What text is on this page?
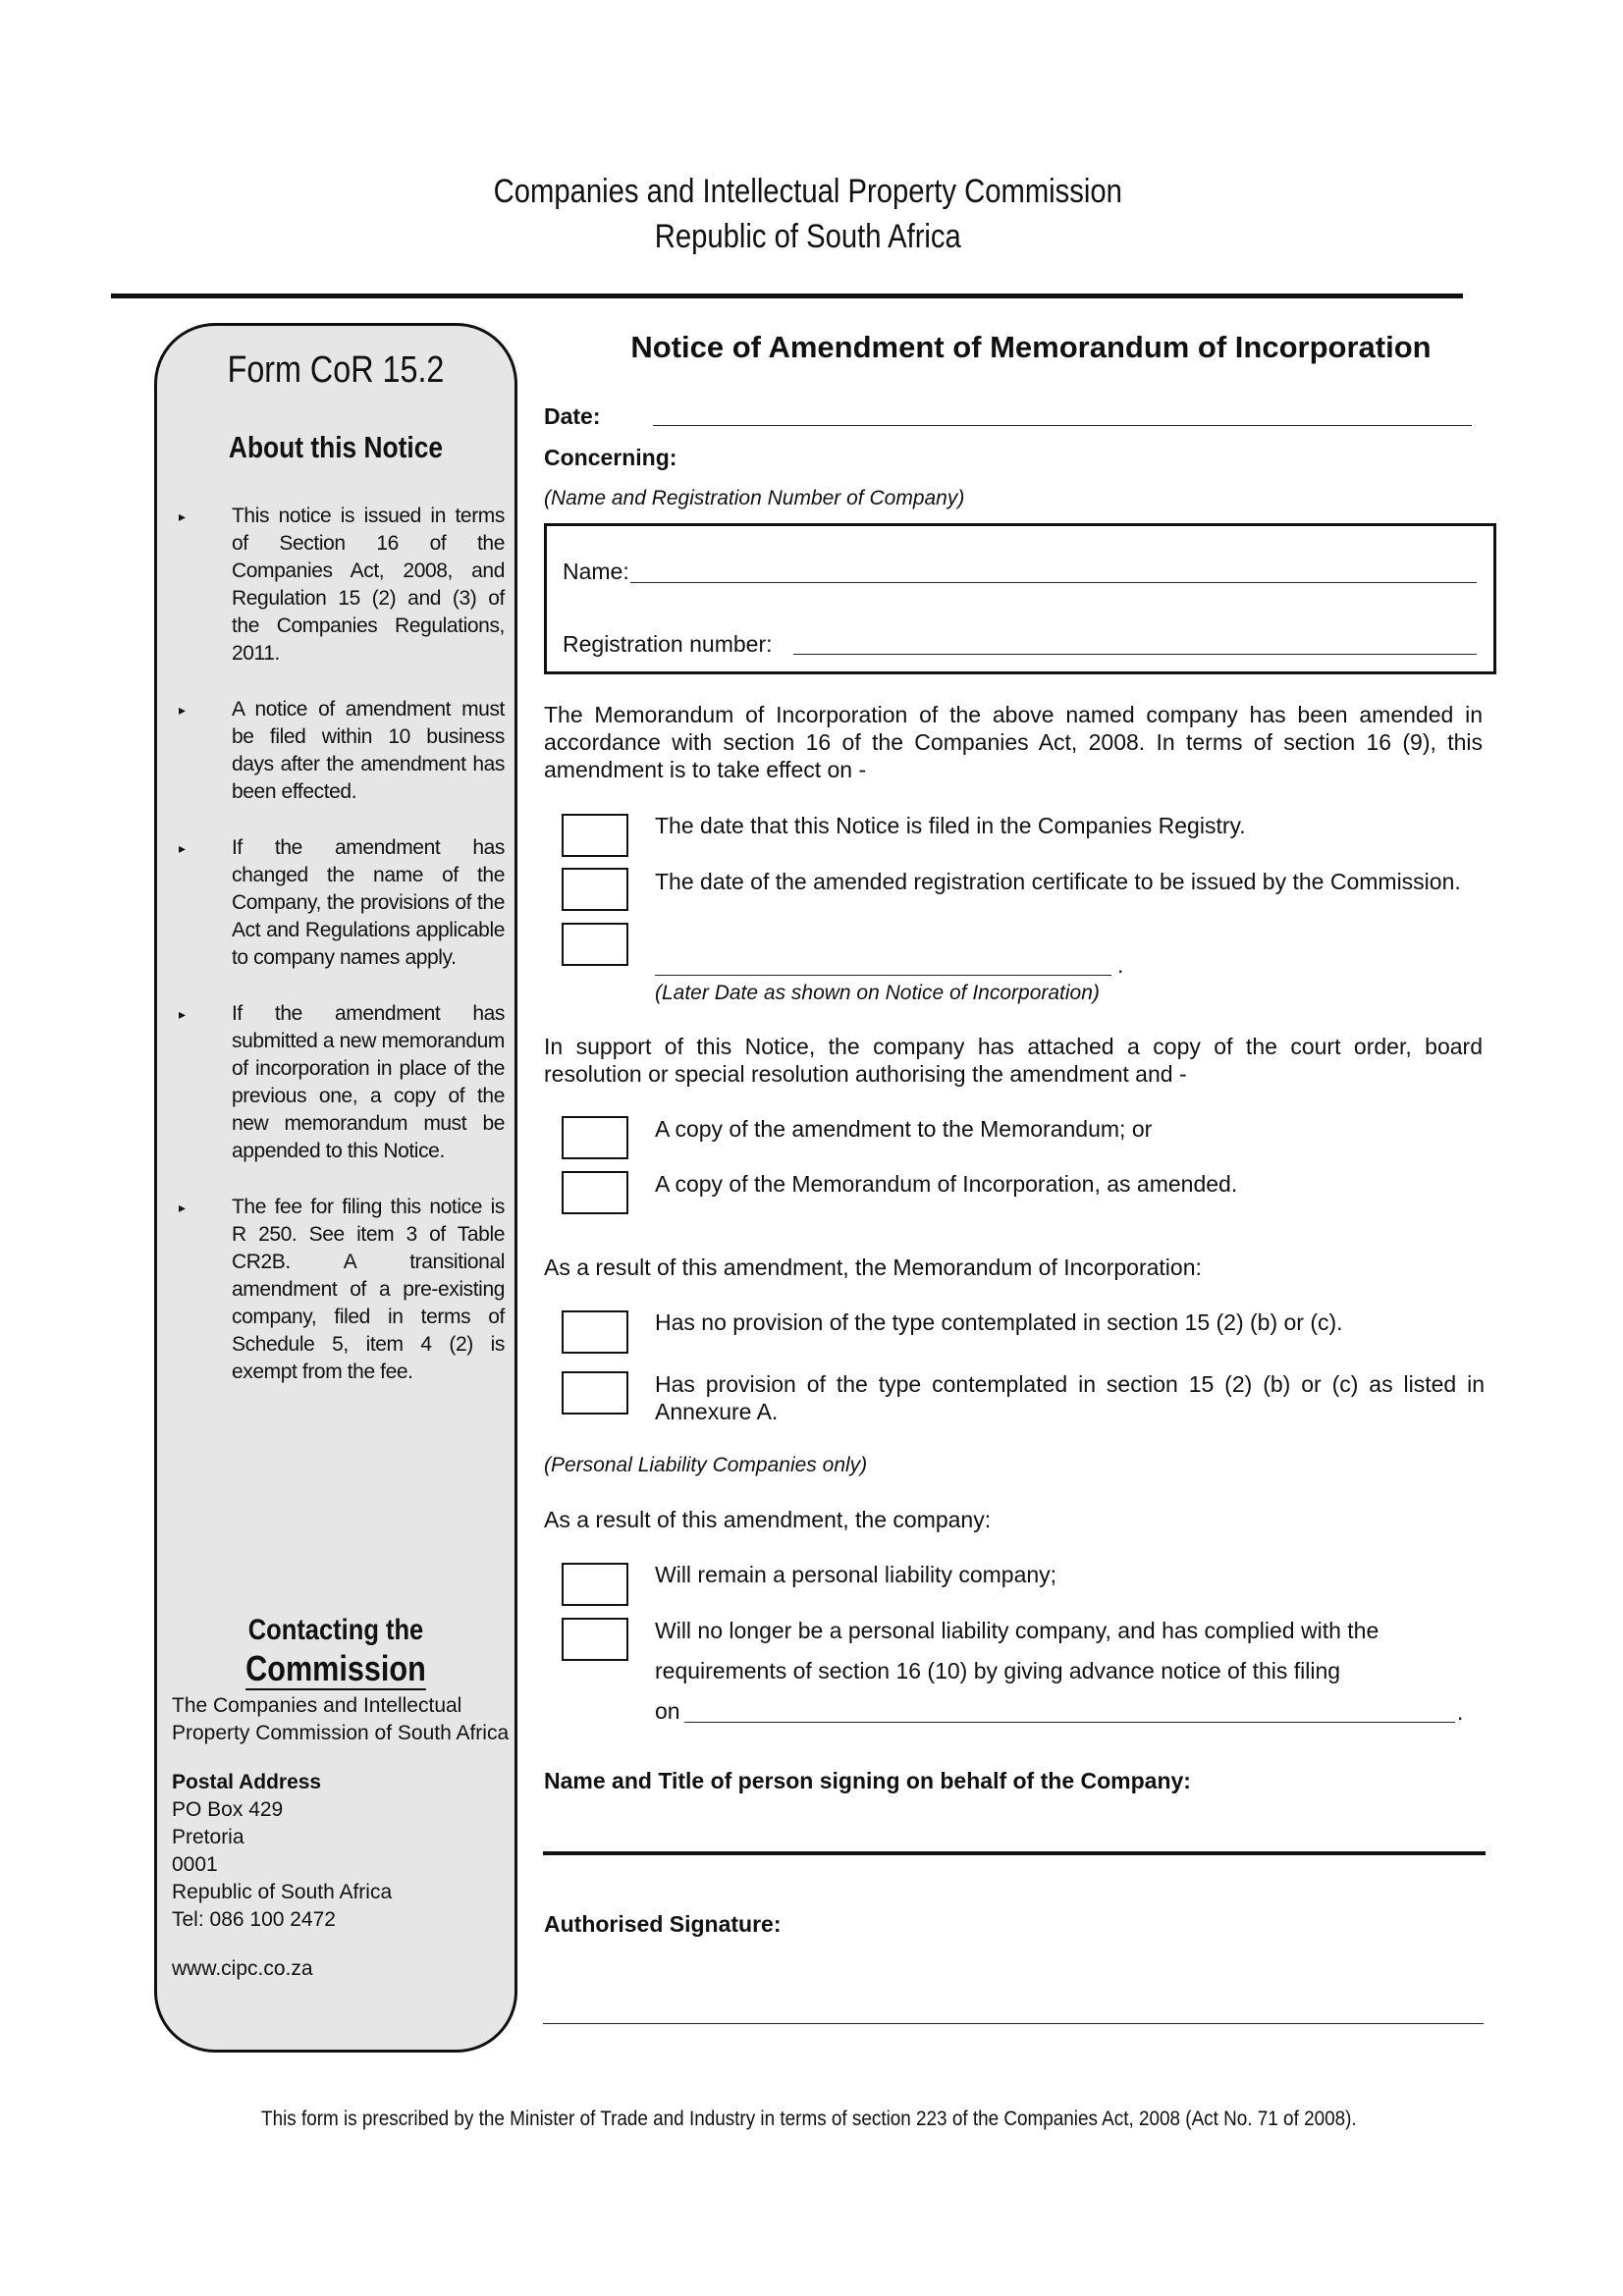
Companies and Intellectual Property Commission
Republic of South Africa
Form CoR 15.2
About this Notice
▸ This notice is issued in terms of Section 16 of the Companies Act, 2008, and Regulation 15 (2) and (3) of the Companies Regulations, 2011.
▸ A notice of amendment must be filed within 10 business days after the amendment has been effected.
▸ If the amendment has changed the name of the Company, the provisions of the Act and Regulations applicable to company names apply.
▸ If the amendment has submitted a new memorandum of incorporation in place of the previous one, a copy of the new memorandum must be appended to this Notice.
▸ The fee for filing this notice is R 250. See item 3 of Table CR2B. A transitional amendment of a pre-existing company, filed in terms of Schedule 5, item 4 (2) is exempt from the fee.
Contacting the
Commission
The Companies and Intellectual Property Commission of South Africa
Postal Address
PO Box 429
Pretoria
0001
Republic of South Africa
Tel: 086 100 2472
www.cipc.co.za
Notice of Amendment of Memorandum of Incorporation
Date:
Concerning:
(Name and Registration Number of Company)
Name:
Registration number:
The Memorandum of Incorporation of the above named company has been amended in accordance with section 16 of the Companies Act, 2008. In terms of section 16 (9), this amendment is to take effect on -
The date that this Notice is filed in the Companies Registry.
The date of the amended registration certificate to be issued by the Commission.
.
(Later Date as shown on Notice of Incorporation)
In support of this Notice, the company has attached a copy of the court order, board resolution or special resolution authorising the amendment and -
A copy of the amendment to the Memorandum; or
A copy of the Memorandum of Incorporation, as amended.
As a result of this amendment, the Memorandum of Incorporation:
Has no provision of the type contemplated in section 15 (2) (b) or (c).
Has provision of the type contemplated in section 15 (2) (b) or (c) as listed in Annexure A.
(Personal Liability Companies only)
As a result of this amendment, the company:
Will remain a personal liability company;
Will no longer be a personal liability company, and has complied with the
requirements of section 16 (10) by giving advance notice of this filing
on	.
Name and Title of person signing on behalf of the Company:
Authorised Signature:
This form is prescribed by the Minister of Trade and Industry in terms of section 223 of the Companies Act, 2008 (Act No. 71 of 2008).
